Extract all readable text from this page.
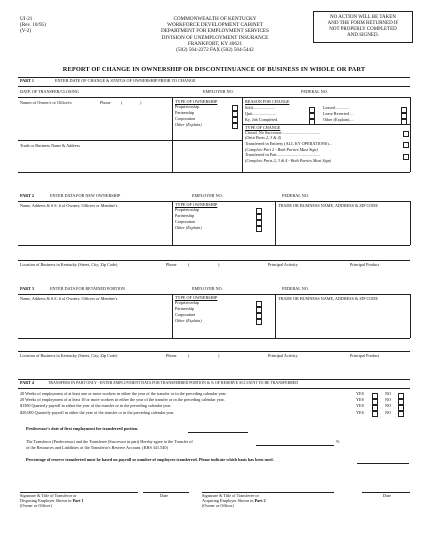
UI-21
(Rev. 10/95)
(V-2)
COMMONWEALTH OF KENTUCKY
WORKFORCE DEVELOPMENT CABINET
DEPARTMENT FOR EMPLOYMENT SERVICES
DIVISION OF UNEMPLOYMENT INSURANCE
FRANKFORT, KY 40621
(502) 564-2272 FAX (502) 564-5442
NO ACTION WILL BE TAKEN
AND THE FORM RETURNED IF
NOT PROPERLY COMPLETED
AND SIGNED.
REPORT OF CHANGE IN OWNERSHIP OR DISCONTINUANCE OF BUSINESS IN WHOLE OR PART
PART 1	ENTER DATE OF CHANGE & STATUS OF OWNERSHIP PRIOR TO CHANGE
DATE OF TRANSFER/CLOSING	EMPLOYER NO.	FEDERAL NO.
Names of Owner/s or Officer/s	Phone	(	)	TYPE OF OWNERSHIP
Proprietorship
Partnership
Corporation
Other (Explain)
REASON FOR CHANGE
Sold.....................
Quit.......................
Ky. Job Completed.
Leased..............
Lease Reverted ...
Other (Explain)....
Trade or Business Name & Address
TYPE OF CHANGE
Closed, No Successor.....................................
(Omit Parts 2, 3 & 4)
Transferred in Entirety (ALL KY OPERATIONS)...
(Complete Part 2 - Both Parties Must Sign)
Transferred in Part..........................................
(Complete Parts 2, 3 & 4 - Both Parties Must Sign)
PART 2	ENTER DATA FOR NEW OWNERSHIP	EMPLOYER NO.	FEDERAL NO.
Name, Address & S.S. # of Owners, Officers or Member's	TYPE OF OWNERSHIP
Proprietorship
Partnership
Corporation
Other (Explain)
TRADE OR BUSINESS NAME, ADDRESS & ZIP CODE
Location of Business in Kentucky (Street, City, Zip Code)	Phone	(	)	Principal Activity	Principal Product
PART 3	ENTER DATA FOR RETAINED PORTION	EMPLOYER NO.	FEDERAL NO.
Name, Address & S.S. # of Owners, Officers or Member's	TYPE OF OWNERSHIP
Proprietorship
Partnership
Corporation
Other (Explain)
TRADE OR BUSINESS NAME, ADDRESS & ZIP CODE
Location of Business in Kentucky (Street, City, Zip Code)	Phone	(	)	Principal Activity	Principal Product
PART 4	TRANSFERS IN PART ONLY - ENTER EMPLOYMENT DATA FOR TRANSFERRED PORTION & % OF RESERVE ACCOUNT TO BE TRANSFERRED
20 Weeks of employment of at least one or more workers in either the year of the transfer or in the preceding calendar year.	YES	NO
20 Weeks of employment of at least 10 or more workers in either the year of the transfer or in the preceding calendar year.	YES	NO
$1500 Quarterly payroll in either the year of the transfer or in the preceding calendar year.	YES	NO
$20,000 Quarterly payroll in either the year of the transfer or in the preceding calendar year.	YES	NO
Predecessor's date of first employment for transferred portion.
The Transferor (Predecessor) and the Transferee (Successor in part) Hereby agree to the Transfer of	%
of the Resources and Liabilities of the Transferor's Reserve Account. (KRS 341.540)
Percentage of reserve transferred must be based on payroll or number of employees transferred. Please indicate which basis has been used.
Signature & Title of Transferor or
Disposing Employer Shown in Part 1
(Owner or Officer)
Date	Signature & Title of Transferee or
Acquiring Employer Shown in Part 2
(Owner or Officer)
Date
